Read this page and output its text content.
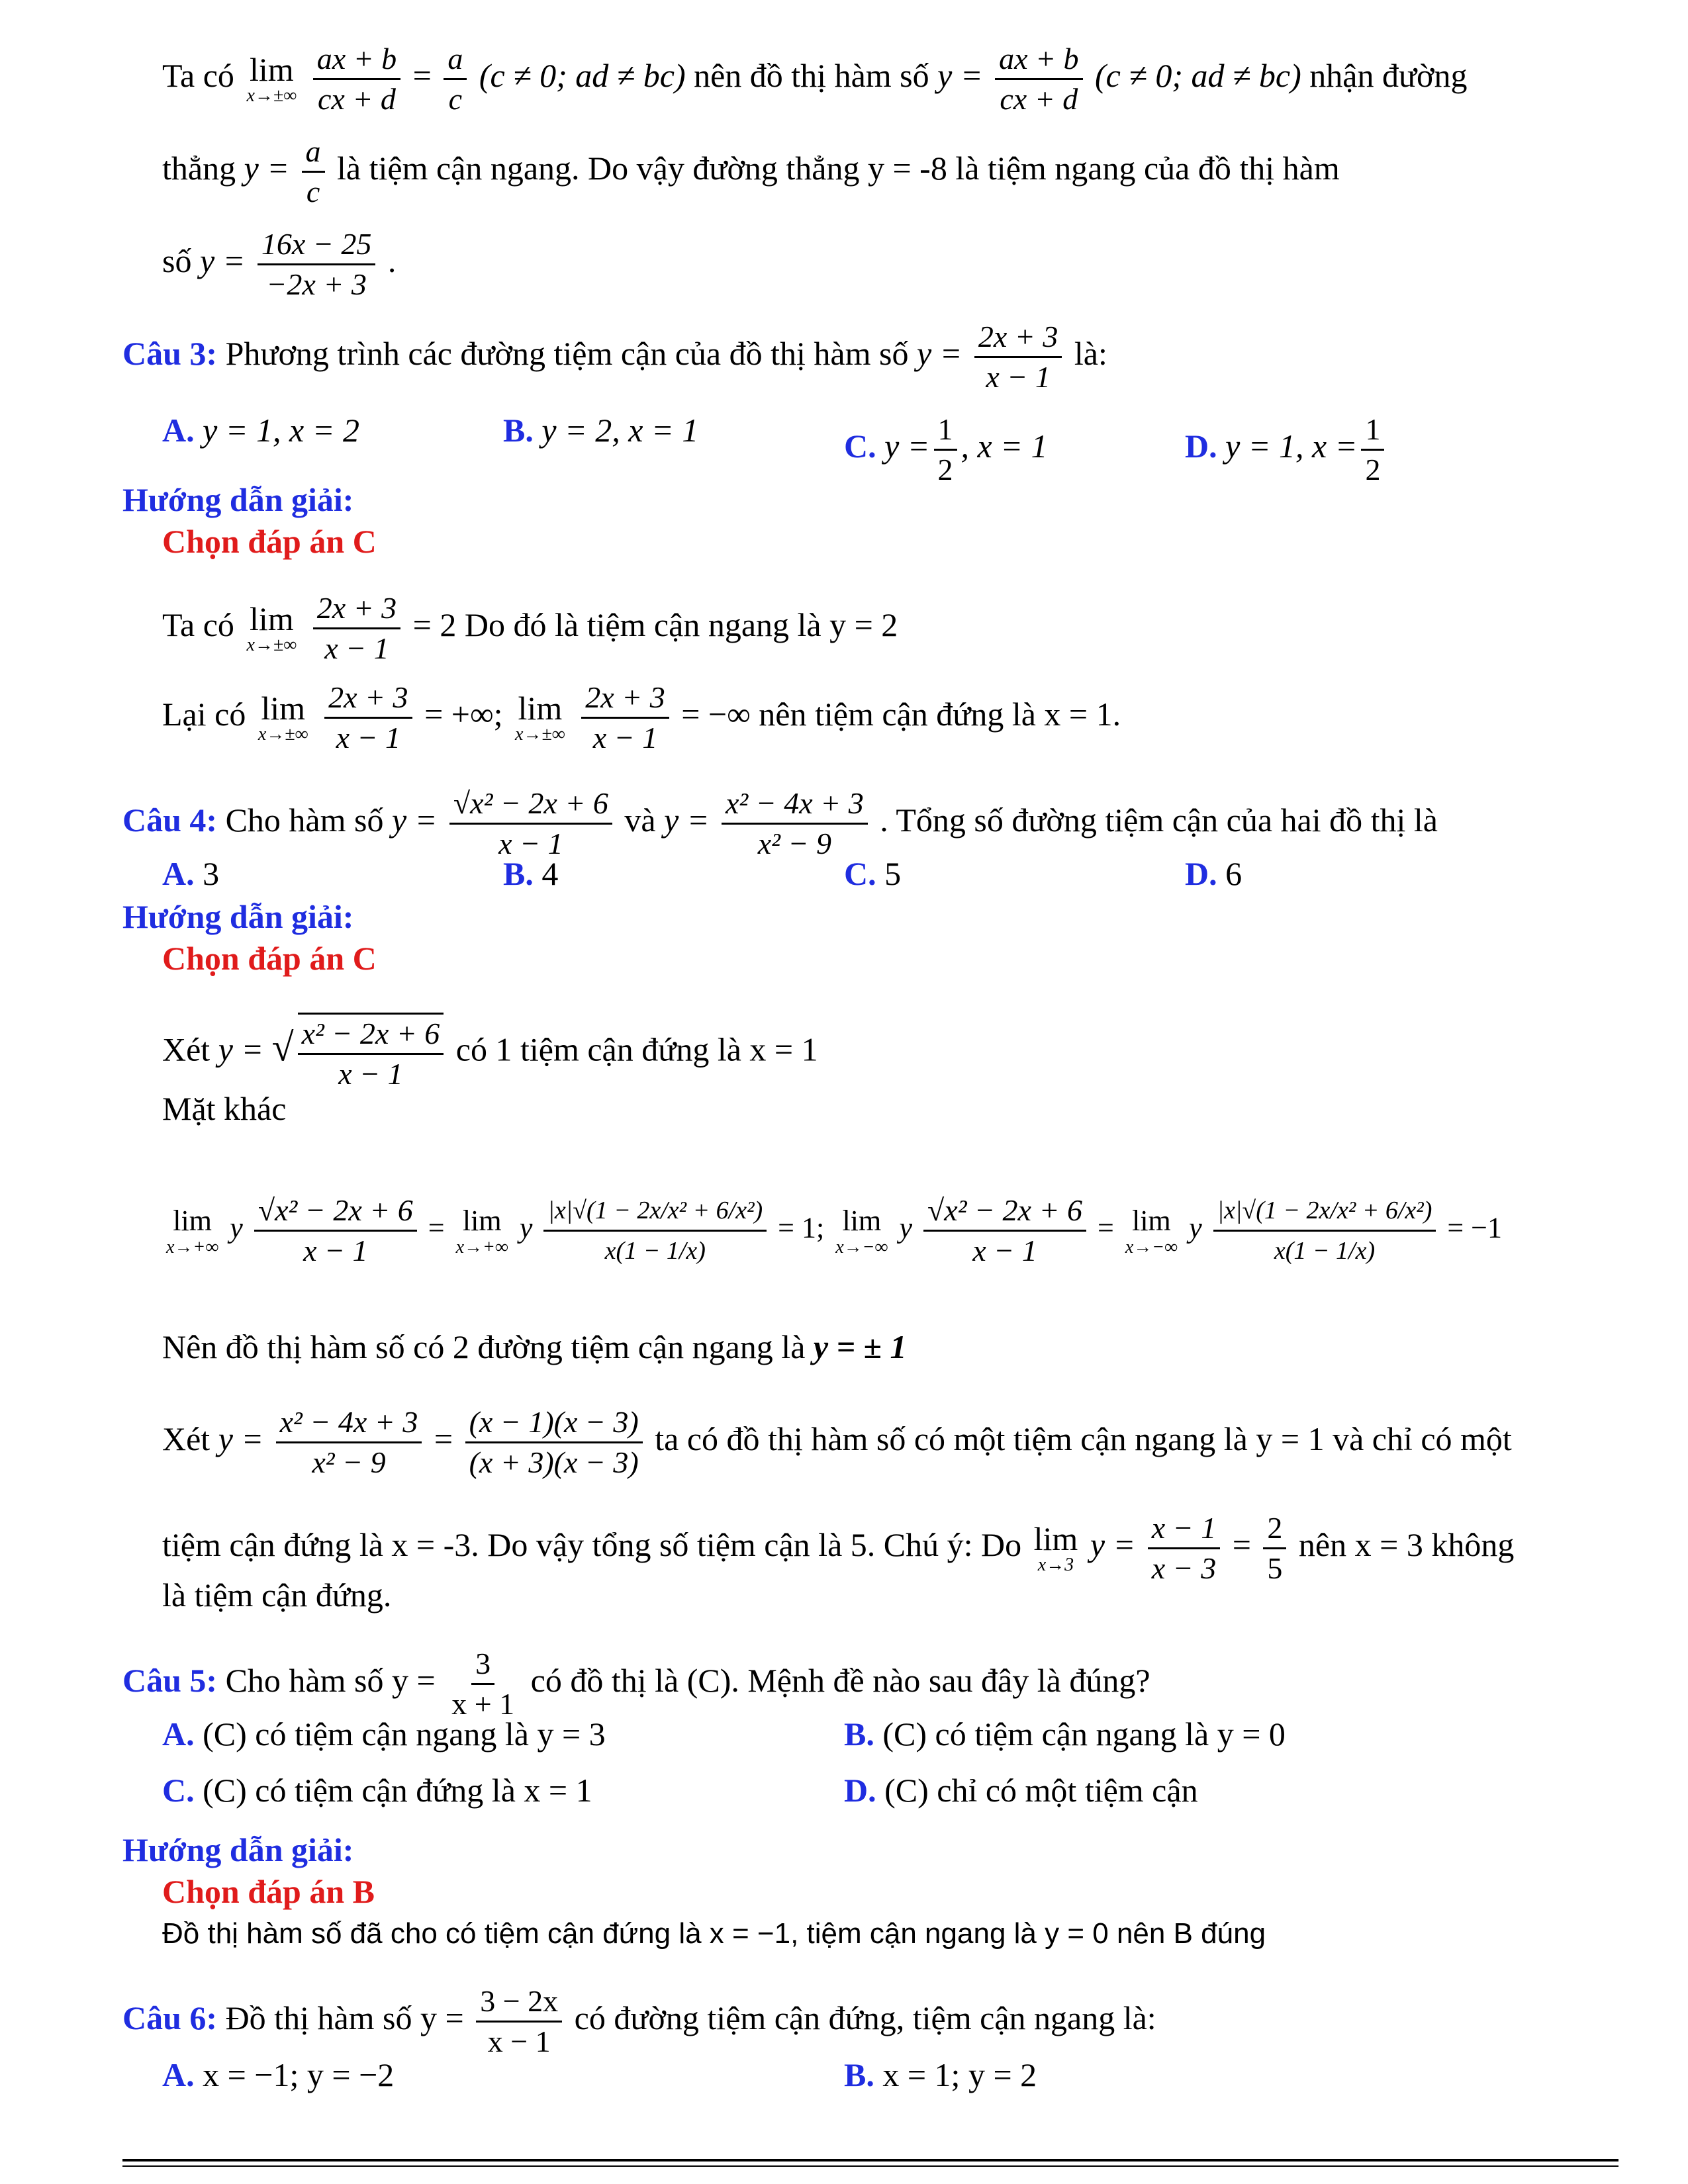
Ta có lim
x→±∞
$\frac{ax + b}{cx + d} = \frac{a}{c} (c \ne 0$; ad ≠ bc) nên đồ thị hàm số $y = \frac{ax + b}{cx + d} (c \ne 0$; ad ≠ bc) nhận đường
thẳng $y = \frac{a}{c}$ là tiệm cận ngang. Do vậy đường thẳng y = -8 là tiệm ngang của đồ thị hàm
số $y = \frac{16x - 25}{-2x + 3}$ .
Câu 3: Phương trình các đường tiệm cận của đồ thị hàm số $y = \frac{2x + 3}{x - 1}$ là:
A. y = 1, x = 2	B. y = 2, x = 1	C. $y = \frac{1}{2}$ , x = 1	D. y = 1, $x = \frac{1}{2}$
Hướng dẫn giải:
Chọn đáp án C
Ta có lim
x→±∞
$\frac{2x + 3}{x - 1} = 2$ Do đó là tiệm cận ngang là y = 2
Lại có lim
x→±∞
$\frac{2x + 3}{x - 1}$ = +∞; lim
x→±∞
$\frac{2x + 3}{x - 1}$ = −∞ nên tiệm cận đứng là x = 1.
Câu 4: Cho hàm số $y = \frac{\text{√x² − 2x + 6}}{x - 1}$ và $y = \frac{\text{x² − 4x + 3}}{\text{x² − 9}}$ . Tổng số đường tiệm cận của hai đồ thị là
A. 3	B. 4	C. 5	D. 6
Hướng dẫn giải:
Chọn đáp án C
Xét y = √ $\frac{\text{x² − 2x + 6}}{x - 1}$ có 1 tiệm cận đứng là x = 1
Mặt khác
lim
x→+∞
y $\frac{\text{√x² − 2x + 6}}{x - 1} = \lim$
x→+∞
y $\frac{\text{|x|√(1 − 2x/x² + 6/x²)}}{x(1 - 1/x)} = 1$; lim
x→−∞
y $\frac{\text{√x² − 2x + 6}}{x - 1} = \lim$
x→−∞
y $\frac{\text{|x|√(1 − 2x/x² + 6/x²)}}{x(1 - 1/x)} = -1$
Nên đồ thị hàm số có 2 đường tiệm cận ngang là y = ± 1
Xét $y = \frac{\text{x² − 4x + 3}}{\text{x² − 9}} = \frac{(x - 1)(x - 3)}{(x + 3)(x - 3)}$ ta có đồ thị hàm số có một tiệm cận ngang là y = 1 và chỉ có một
tiệm cận đứng là x = -3. Do vậy tổng số tiệm cận là 5. Chú ý: Do lim
x→3
$y = \frac{x - 1}{x - 3} = \frac{2}{5}$ nên x = 3 không
là tiệm cận đứng.
Câu 5: Cho hàm số $y = \frac{3}{x + 1}$ có đồ thị là (C). Mệnh đề nào sau đây là đúng?
A. (C) có tiệm cận ngang là y = 3	B. (C) có tiệm cận ngang là y = 0
C. (C) có tiệm cận đứng là x = 1	D. (C) chỉ có một tiệm cận
Hướng dẫn giải:
Chọn đáp án B
Đồ thị hàm số đã cho có tiệm cận đứng là x = −1, tiệm cận ngang là y = 0 nên B đúng
Câu 6: Đồ thị hàm số $y = \frac{3 - 2x}{x - 1}$ có đường tiệm cận đứng, tiệm cận ngang là:
A. x = −1; y = −2	B. x = 1; y = 2
